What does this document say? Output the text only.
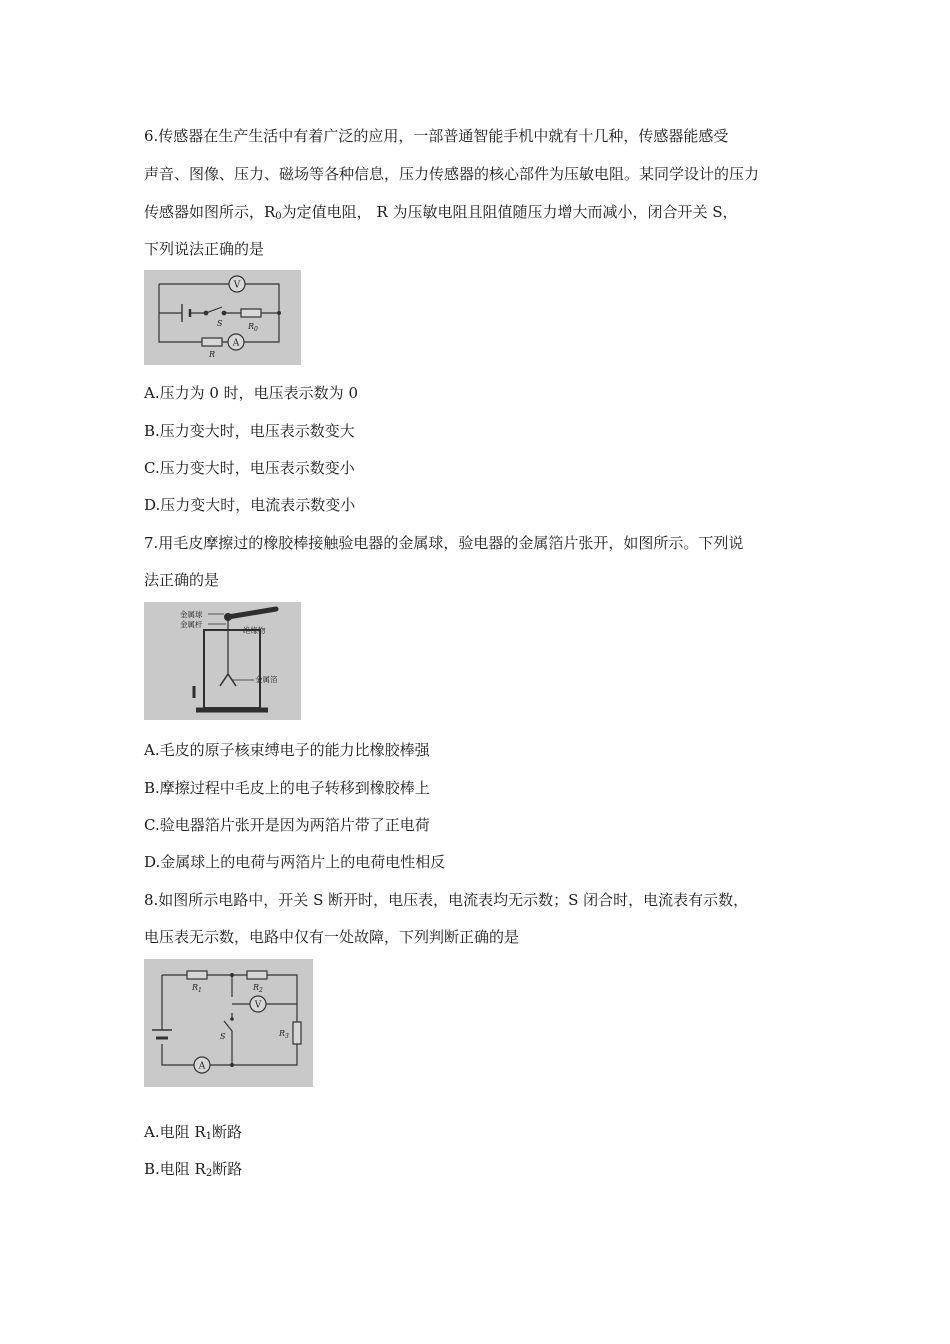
6.传感器在生产生活中有着广泛的应用，一部普通智能手机中就有十几种，传感器能感受
声音、图像、压力、磁场等各种信息，压力传感器的核心部件为压敏电阻。某同学设计的压力
传感器如图所示，$R_0$为定值电阻， R 为压敏电阻且阻值随压力增大而减小，闭合开关 S，
下列说法正确的是
V
A
S	$R_0$
R
A.压力为 0 时，电压表示数为 0
B.压力变大时，电压表示数变大
C.压力变大时，电压表示数变小
D.压力变大时，电流表示数变小
7.用毛皮摩擦过的橡胶棒接触验电器的金属球，验电器的金属箔片张开，如图所示。下列说
法正确的是
金属球
金属杆
绝缘物
金属箔
A.毛皮的原子核束缚电子的能力比橡胶棒强
B.摩擦过程中毛皮上的电子转移到橡胶棒上
C.验电器箔片张开是因为两箔片带了正电荷
D.金属球上的电荷与两箔片上的电荷电性相反
8.如图所示电路中，开关 S 断开时，电压表，电流表均无示数；S 闭合时，电流表有示数，
电压表无示数，电路中仅有一处故障，下列判断正确的是
V
A
$R_1$	$R_2$
$R_3$
S
A.电阻 $R_1$断路
B.电阻 $R_2$断路
